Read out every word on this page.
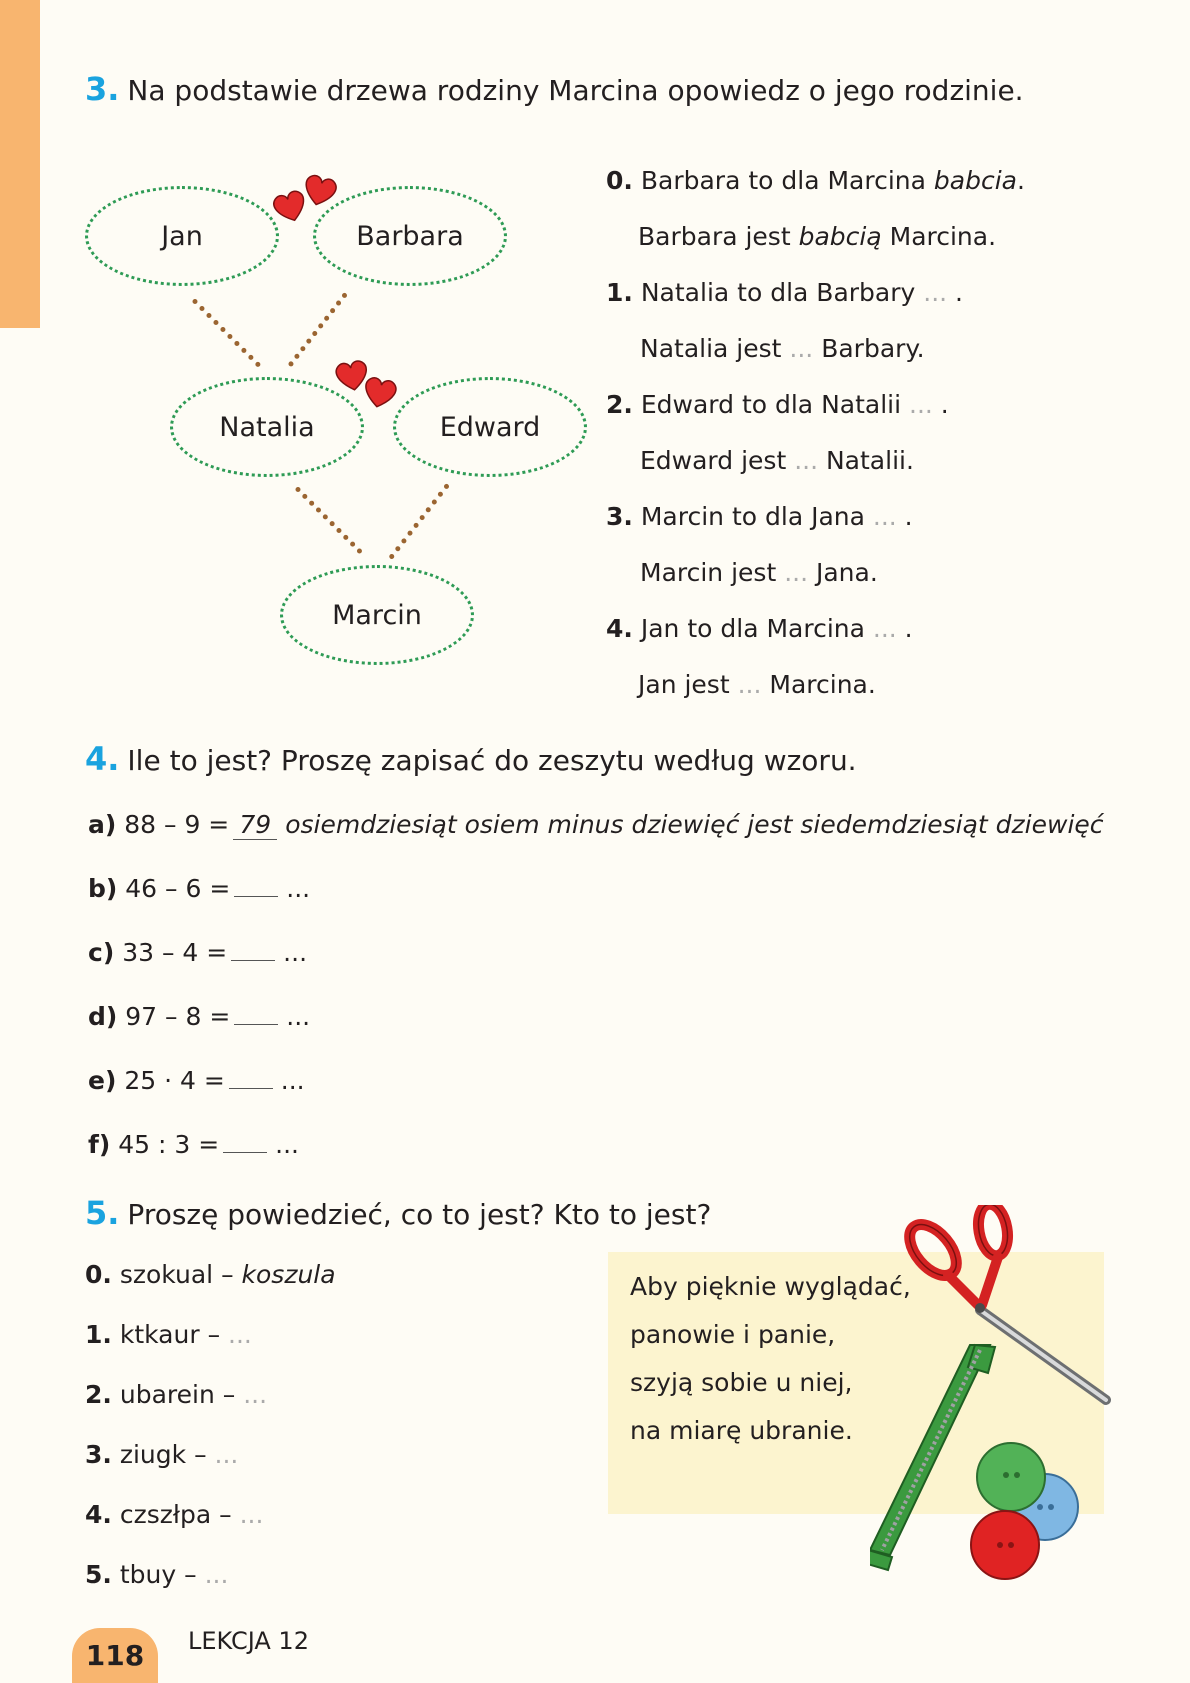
3. Na podstawie drzewa rodziny Marcina opowiedz o jego rodzinie.
Jan	Barbara
Natalia	Edward
Marcin
0. Barbara to dla Marcina babcia.
Barbara jest babcią Marcina.
1. Natalia to dla Barbary ... .
Natalia jest ... Barbary.
2. Edward to dla Natalii ... .
Edward jest ... Natalii.
3. Marcin to dla Jana ... .
Marcin jest ... Jana.
4. Jan to dla Marcina ... .
Jan jest ... Marcina.
4. Ile to jest? Proszę zapisać do zeszytu według wzoru.
a) 88 – 9 = 79 osiemdziesiąt osiem minus dziewięć jest siedemdziesiąt dziewięć
b) 46 – 6 = ...
c) 33 – 4 = ...
d) 97 – 8 = ...
e) 25 · 4 = ...
f) 45 : 3 = ...
5. Proszę powiedzieć, co to jest? Kto to jest?
0. szokual – koszula
1. ktkaur – ...
2. ubarein – ...
3. ziugk – ...
4. czszłpa – ...
5. tbuy – ...
Aby pięknie wyglądać,
panowie i panie,
szyją sobie u niej,
na miarę ubranie.
118	LEKCJA 12
